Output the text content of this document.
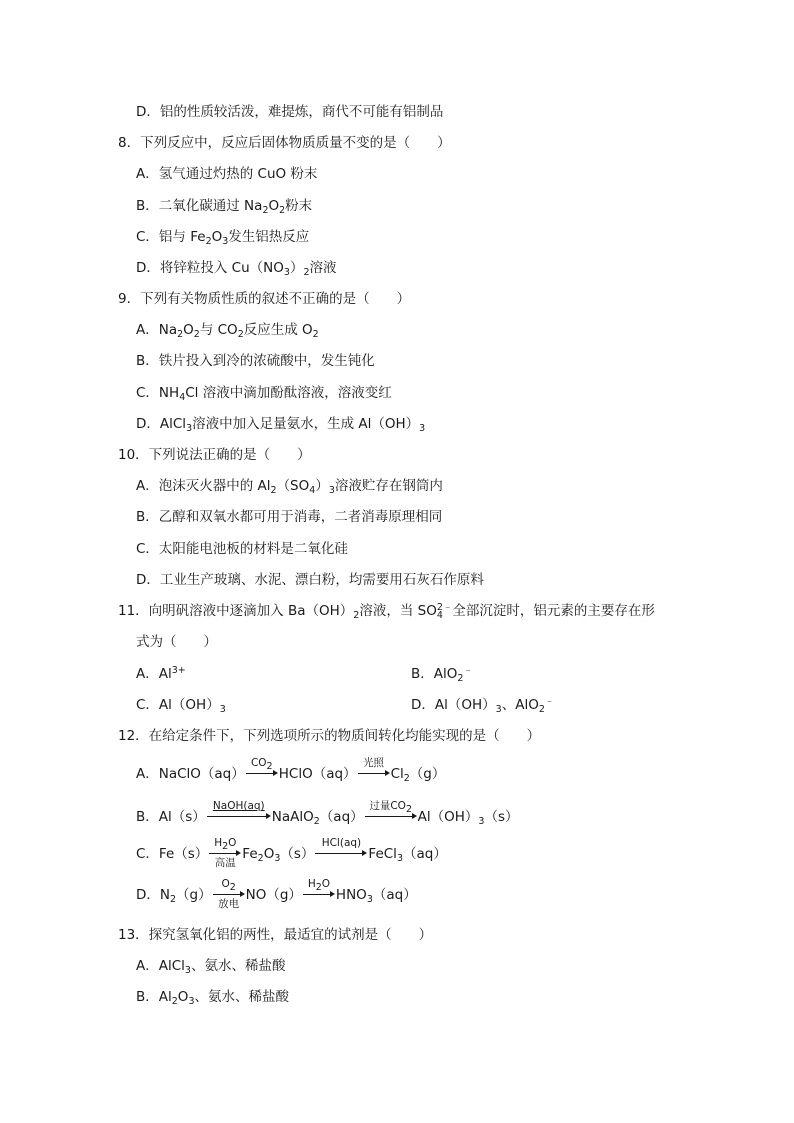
D．铝的性质较活泼，难提炼，商代不可能有铝制品
8．下列反应中，反应后固体物质质量不变的是（　　）
A．氢气通过灼热的 CuO 粉末
B．二氧化碳通过 $Na_2O_2$粉末
C．铝与 $Fe_2O_3$发生铝热反应
D．将锌粒投入 $Cu(NO_3)_2$溶液
9．下列有关物质性质的叙述不正确的是（　　）
A．$Na_2O_2$与 $CO_2$反应生成 $O_2$
B．铁片投入到冷的浓硫酸中，发生钝化
C．$NH_4Cl$ 溶液中滴加酚酞溶液，溶液变红
D．AlCl$_3$溶液中加入足量氨水，生成 $Al(OH)_3$
10．下列说法正确的是（　　）
A．泡沫灭火器中的 $Al_2(SO_4)_3$溶液贮存在钢筒内
B．乙醇和双氧水都可用于消毒，二者消毒原理相同
C．太阳能电池板的材料是二氧化硅
D．工业生产玻璃、水泥、漂白粉，均需要用石灰石作原料
11．向明矾溶液中逐滴加入 $Ba(OH)_2$溶液，当 $SO_4^{2﹣}$全部沉淀时，铝元素的主要存在形
式为（　　）
A．$Al^{3+}$	B．AlO$_2$﹣
C．$Al(OH)_3$	D．$Al(OH)_3$、AlO$_2$﹣
12．在给定条件下，下列选项所示的物质间转化均能实现的是（　　）
A．NaClO（aq）
$CO_2$ HClO（aq）
光照
$Cl_2(g)$
B．Al（s）
NaOH(aq)
NaAlO$_2$（aq）
过量$CO_2$ $Al(OH)_3(s)$
C．Fe（s）
$H_2O$
高温
$Fe_2O_3(s)$
HCl(aq)
FeCl$_3$（aq）
D．$N_2(g)$
$O_2$
放电
NO（g）
$H_2O$
$HNO_3(aq)$
13．探究氢氧化铝的两性，最适宜的试剂是（　　）
A．AlCl$_3$、氨水、稀盐酸
B．$Al_2O_3$、氨水、稀盐酸
